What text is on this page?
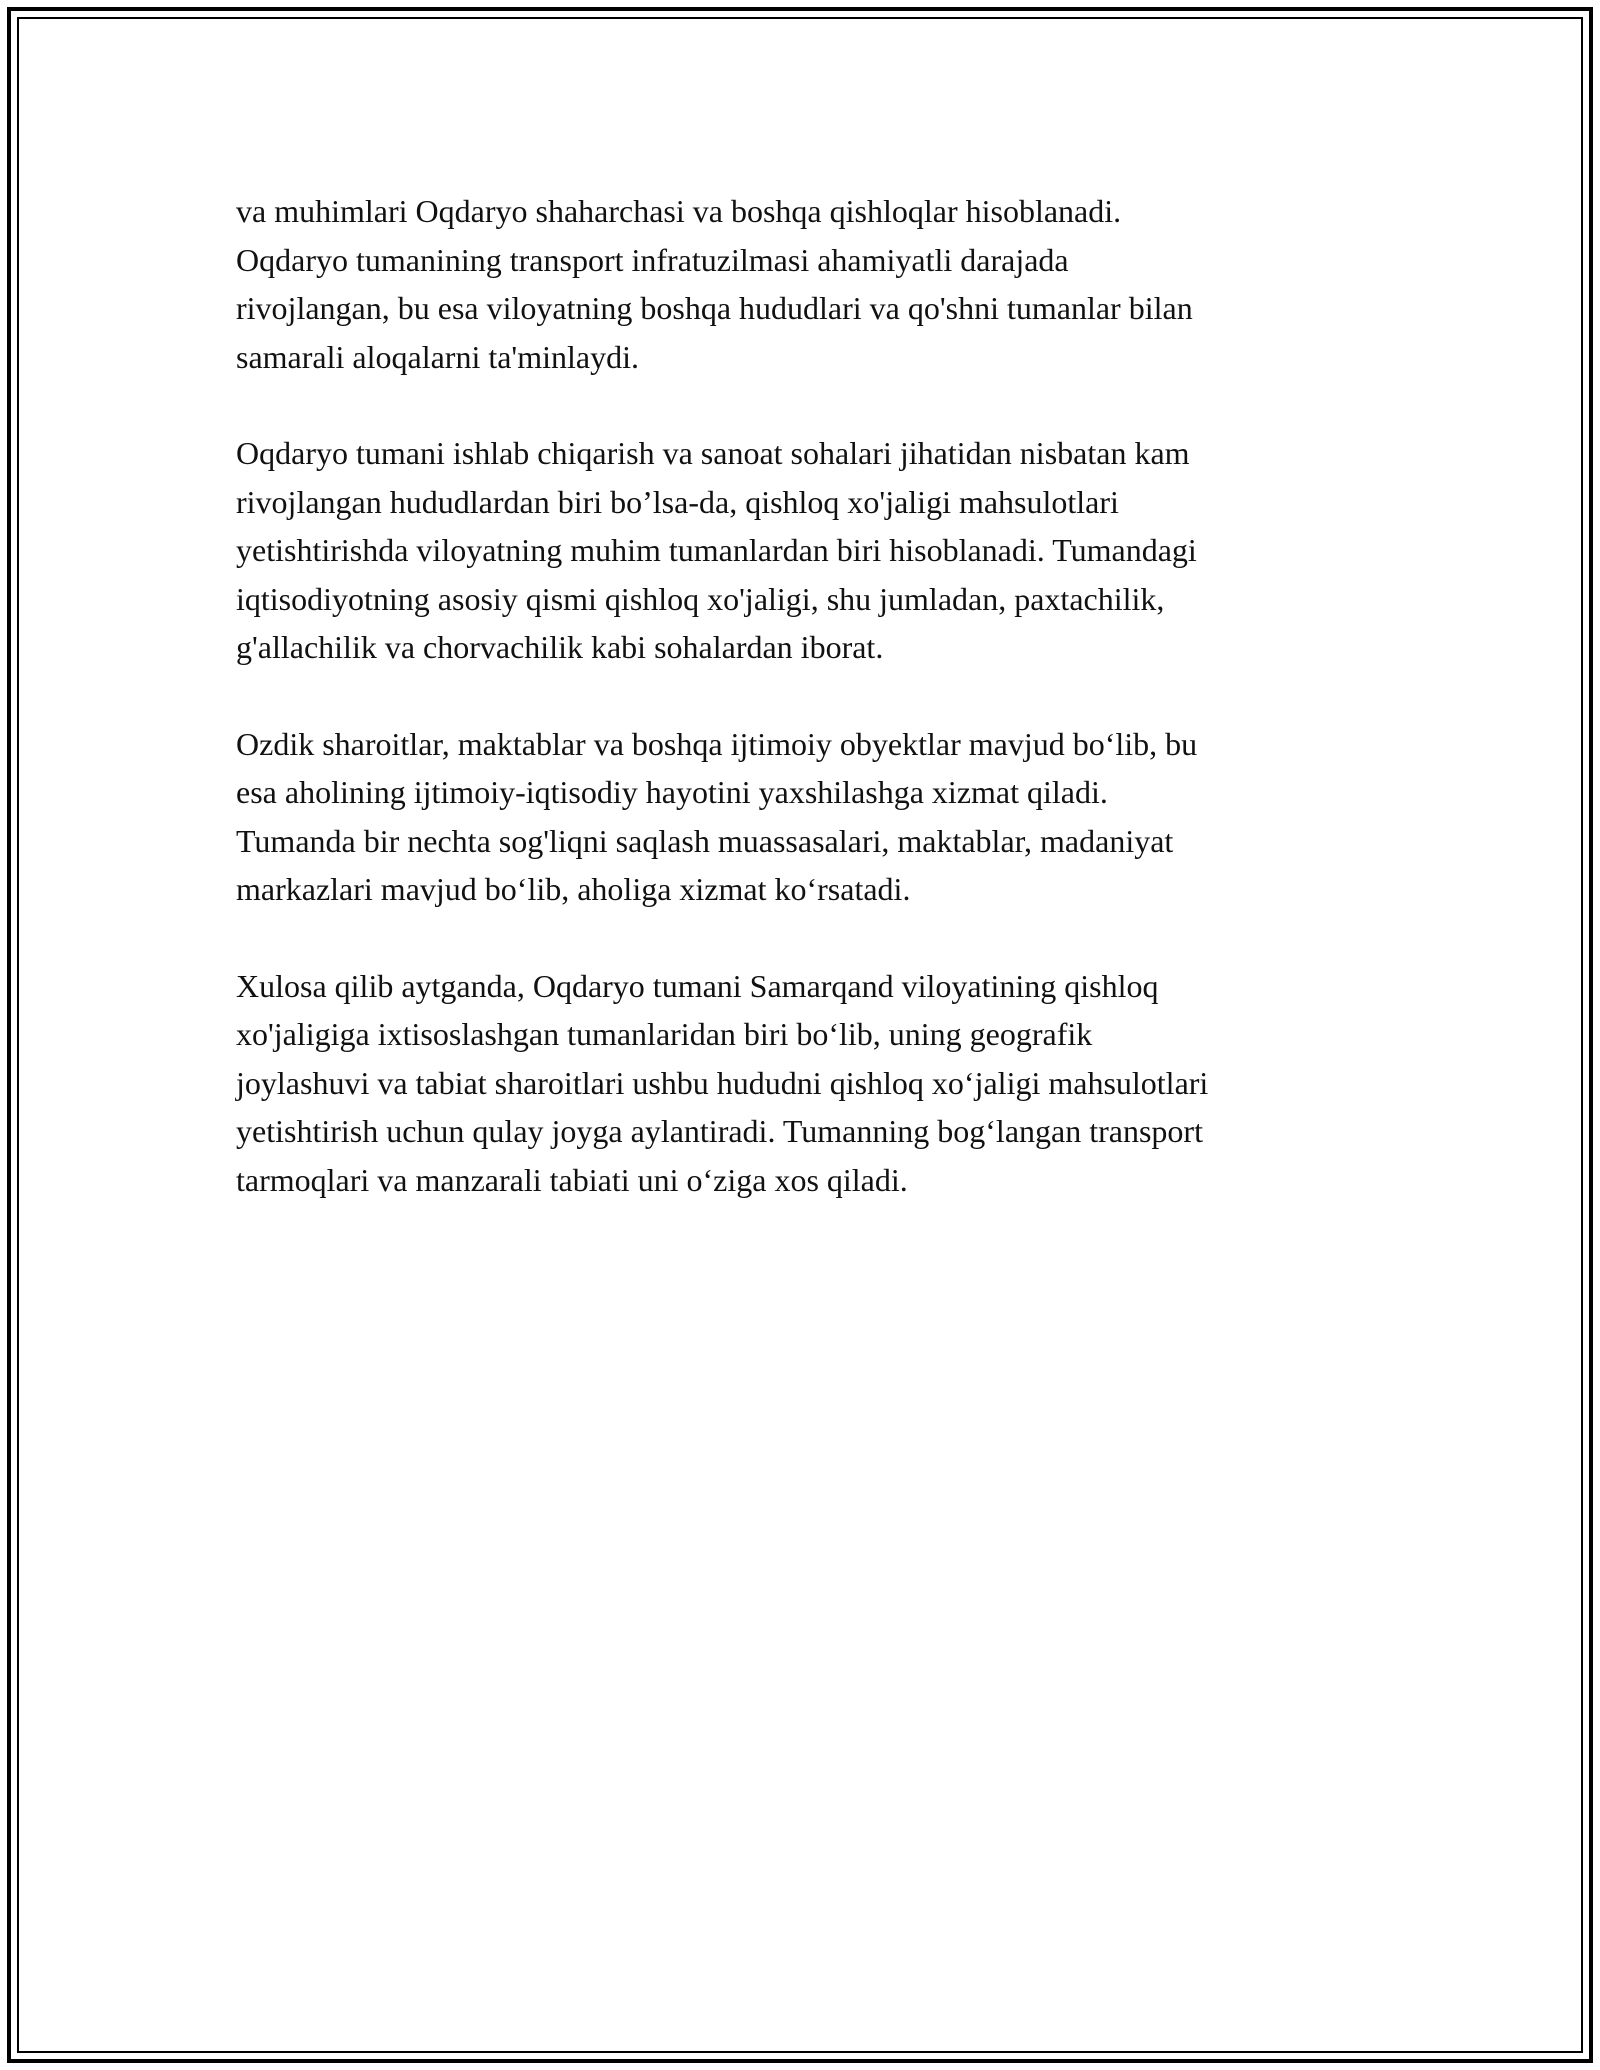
va muhimlari Oqdaryo shaharchasi va boshqa qishloqlar hisoblanadi.
Oqdaryo tumanining transport infratuzilmasi ahamiyatli darajada
rivojlangan, bu esa viloyatning boshqa hududlari va qo'shni tumanlar bilan
samarali aloqalarni ta'minlaydi.

Oqdaryo tumani ishlab chiqarish va sanoat sohalari jihatidan nisbatan kam
rivojlangan hududlardan biri bo’lsa-da, qishloq xo'jaligi mahsulotlari
yetishtirishda viloyatning muhim tumanlardan biri hisoblanadi. Tumandagi
iqtisodiyotning asosiy qismi qishloq xo'jaligi, shu jumladan, paxtachilik,
g'allachilik va chorvachilik kabi sohalardan iborat.

Ozdik sharoitlar, maktablar va boshqa ijtimoiy obyektlar mavjud bo‘lib, bu
esa aholining ijtimoiy-iqtisodiy hayotini yaxshilashga xizmat qiladi.
Tumanda bir nechta sog'liqni saqlash muassasalari, maktablar, madaniyat
markazlari mavjud bo‘lib, aholiga xizmat ko‘rsatadi.

Xulosa qilib aytganda, Oqdaryo tumani Samarqand viloyatining qishloq
xo'jaligiga ixtisoslashgan tumanlaridan biri bo‘lib, uning geografik
joylashuvi va tabiat sharoitlari ushbu hududni qishloq xo‘jaligi mahsulotlari
yetishtirish uchun qulay joyga aylantiradi. Tumanning bog‘langan transport
tarmoqlari va manzarali tabiati uni o‘ziga xos qiladi.
